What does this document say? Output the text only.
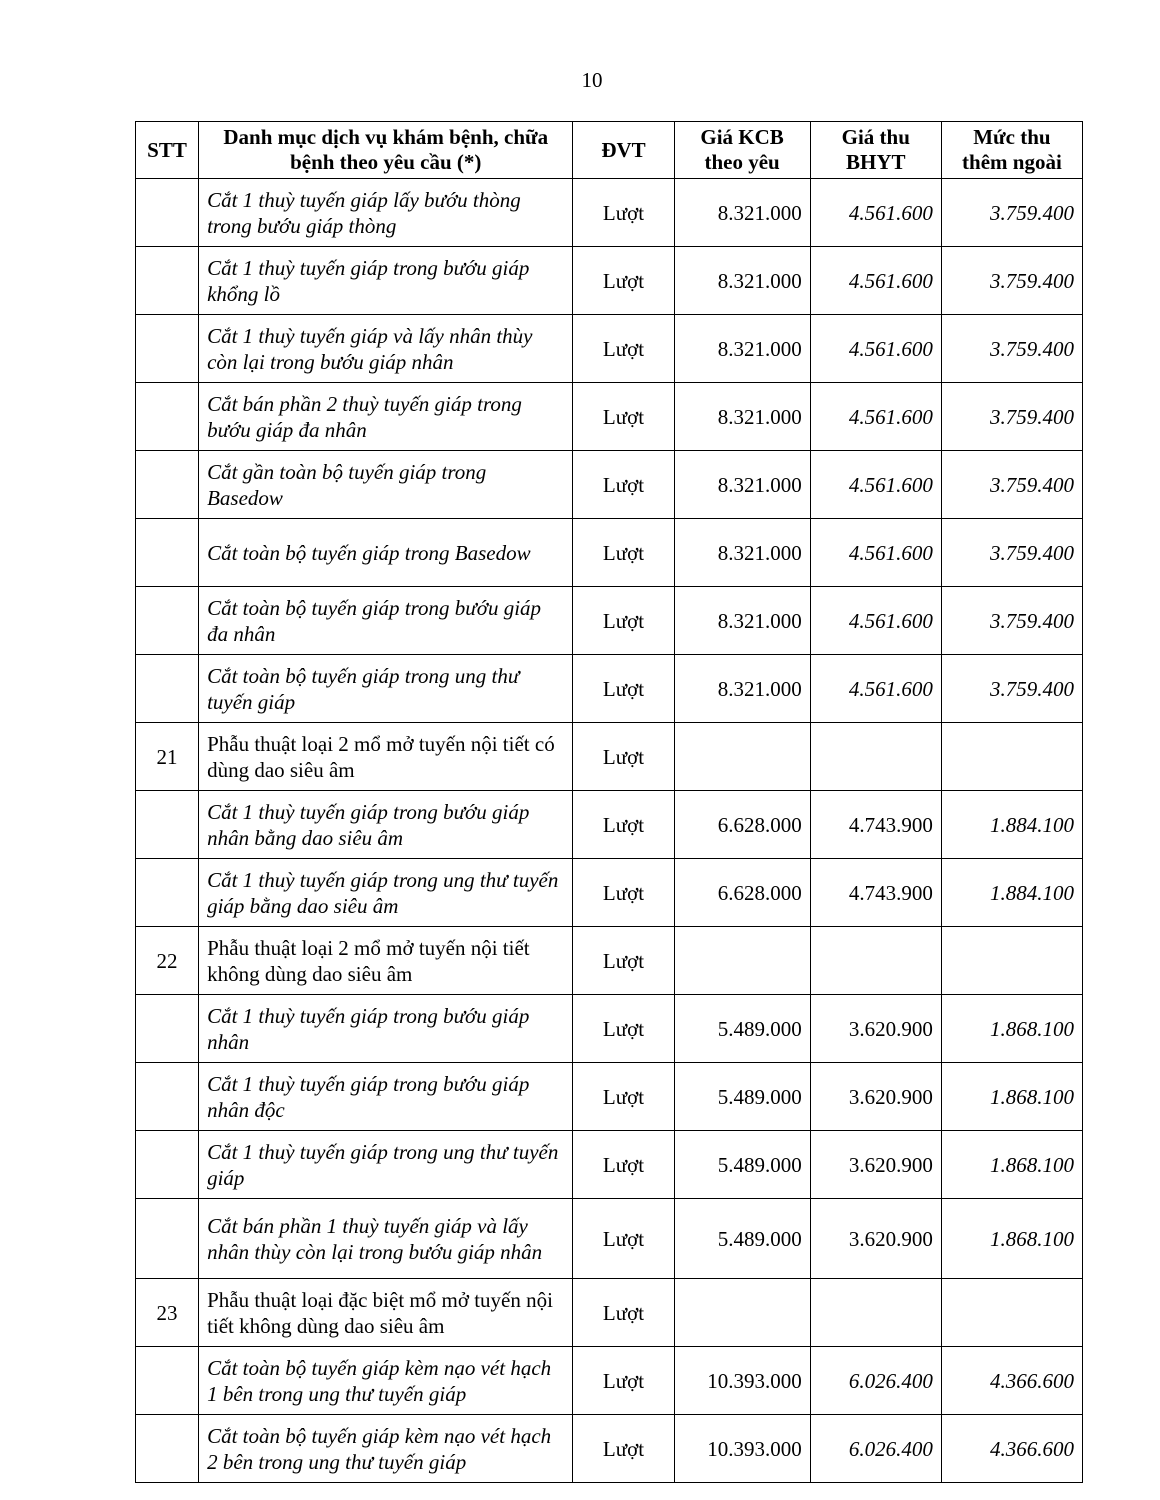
10
STT	Danh mục dịch vụ khám bệnh, chữa bệnh theo yêu cầu (*)	ĐVT	Giá KCB theo yêu	Giá thu BHYT	Mức thu thêm ngoài

	Cắt 1 thuỳ tuyến giáp lấy bướu thòng trong bướu giáp thòng	Lượt	8.321.000	4.561.600	3.759.400
	Cắt 1 thuỳ tuyến giáp trong bướu giáp khổng lồ	Lượt	8.321.000	4.561.600	3.759.400
	Cắt 1 thuỳ tuyến giáp và lấy nhân thùy còn lại trong bướu giáp nhân	Lượt	8.321.000	4.561.600	3.759.400
	Cắt bán phần 2 thuỳ tuyến giáp trong bướu giáp đa nhân	Lượt	8.321.000	4.561.600	3.759.400
	Cắt gần toàn bộ tuyến giáp trong Basedow	Lượt	8.321.000	4.561.600	3.759.400
	Cắt toàn bộ tuyến giáp trong Basedow	Lượt	8.321.000	4.561.600	3.759.400
	Cắt toàn bộ tuyến giáp trong bướu giáp đa nhân	Lượt	8.321.000	4.561.600	3.759.400
	Cắt toàn bộ tuyến giáp trong ung thư tuyến giáp	Lượt	8.321.000	4.561.600	3.759.400
21	Phẫu thuật loại 2 mổ mở tuyến nội tiết có dùng dao siêu âm	Lượt			
	Cắt 1 thuỳ tuyến giáp trong bướu giáp nhân bằng dao siêu âm	Lượt	6.628.000	4.743.900	1.884.100
	Cắt 1 thuỳ tuyến giáp trong ung thư tuyến giáp bằng dao siêu âm	Lượt	6.628.000	4.743.900	1.884.100
22	Phẫu thuật loại 2 mổ mở tuyến nội tiết không dùng dao siêu âm	Lượt			
	Cắt 1 thuỳ tuyến giáp trong bướu giáp nhân	Lượt	5.489.000	3.620.900	1.868.100
	Cắt 1 thuỳ tuyến giáp trong bướu giáp nhân độc	Lượt	5.489.000	3.620.900	1.868.100
	Cắt 1 thuỳ tuyến giáp trong ung thư tuyến giáp	Lượt	5.489.000	3.620.900	1.868.100
	Cắt bán phần 1 thuỳ tuyến giáp và lấy nhân thùy còn lại trong bướu giáp nhân	Lượt	5.489.000	3.620.900	1.868.100
23	Phẫu thuật loại đặc biệt mổ mở tuyến nội tiết không dùng dao siêu âm	Lượt			
	Cắt toàn bộ tuyến giáp kèm nạo vét hạch 1 bên trong ung thư tuyến giáp	Lượt	10.393.000	6.026.400	4.366.600
	Cắt toàn bộ tuyến giáp kèm nạo vét hạch 2 bên trong ung thư tuyến giáp	Lượt	10.393.000	6.026.400	4.366.600
